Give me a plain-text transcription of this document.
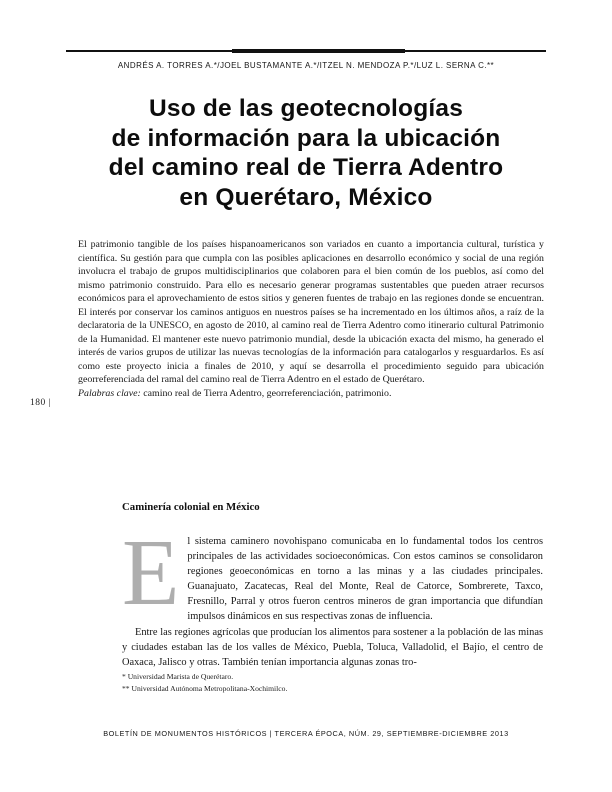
ANDRÉS A. TORRES A.*/JOEL BUSTAMANTE A.*/ITZEL N. MENDOZA P.*/LUZ L. SERNA C.**
Uso de las geotecnologías
de información para la ubicación
del camino real de Tierra Adentro
en Querétaro, México

El patrimonio tangible de los países hispanoamericanos son variados en cuanto a importancia cultural, turística y científica. Su gestión para que cumpla con las posibles aplicaciones en desarrollo económico y social de una región involucra el trabajo de grupos multidisciplinarios que colaboren para el bien común de los pueblos, así como del mismo patrimonio construido. Para ello es necesario generar programas sustentables que pueden atraer recursos económicos para el aprovechamiento de estos sitios y generen fuentes de trabajo en las regiones donde se encuentran. El interés por conservar los caminos antiguos en nuestros países se ha incrementado en los últimos años, a raíz de la declaratoria de la UNESCO, en agosto de 2010, al camino real de Tierra Adentro como itinerario cultural Patrimonio de la Humanidad. El mantener este nuevo patrimonio mundial, desde la ubicación exacta del mismo, ha generado el interés de varios grupos de utilizar las nuevas tecnologías de la información para catalogarlos y resguardarlos. Es así como este proyecto inicia a finales de 2010, y aquí se desarrolla el procedimiento seguido para ubicación georreferenciada del ramal del camino real de Tierra Adentro en el estado de Querétaro.

Palabras clave: camino real de Tierra Adentro, georreferenciación, patrimonio.

180 |
Caminería colonial en México

El sistema caminero novohispano comunicaba en lo fundamental todos los centros principales de las actividades socioeconómicas. Con estos caminos se consolidaron regiones geoeconómicas en torno a las minas y a las ciudades principales. Guanajuato, Zacatecas, Real del Monte, Real de Catorce, Sombrerete, Taxco, Fresnillo, Parral y otros fueron centros mineros de gran importancia que difundían impulsos dinámicos en sus respectivas zonas de influencia.

Entre las regiones agrícolas que producían los alimentos para sostener a la población de las minas y ciudades estaban las de los valles de México, Puebla, Toluca, Valladolid, el Bajío, el centro de Oaxaca, Jalisco y otras. También tenían importancia algunas zonas tro-

* Universidad Marista de Querétaro.

** Universidad Autónoma Metropolitana-Xochimilco.

BOLETÍN DE MONUMENTOS HISTÓRICOS | TERCERA ÉPOCA, NÚM. 29, SEPTIEMBRE-DICIEMBRE 2013
